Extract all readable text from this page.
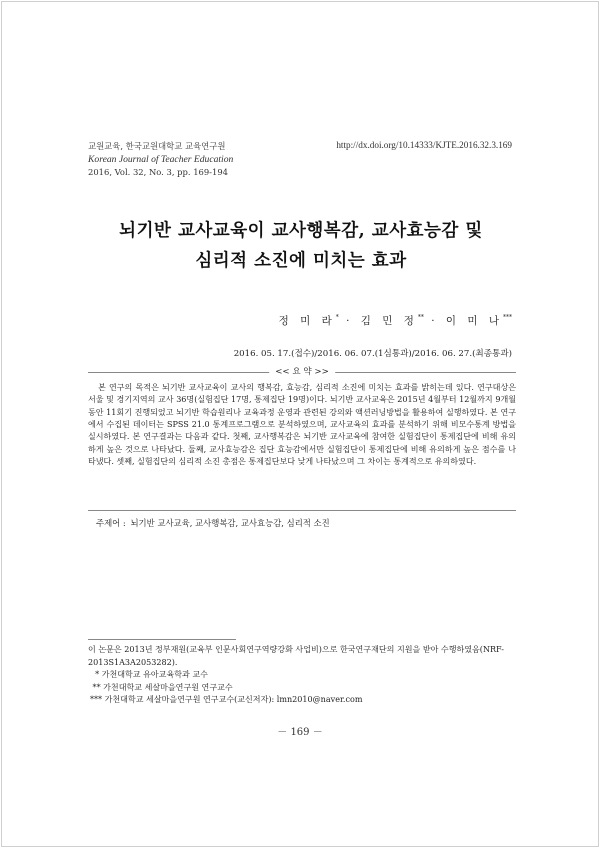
교원교육, 한국교원대학교 교육연구원
Korean Journal of Teacher Education
2016, Vol. 32, No. 3, pp. 169-194
http://dx.doi.org/10.14333/KJTE.2016.32.3.169
뇌기반 교사교육이 교사행복감, 교사효능감 및
심리적 소진에 미치는 효과
정 미 라* · 김 민 정** · 이 미 나***
2016. 05. 17.(접수)/2016. 06. 07.(1심통과)/2016. 06. 27.(최종통과)
<< 요 약 >>

본 연구의 목적은 뇌기반 교사교육이 교사의 행복감, 효능감, 심리적 소진에 미치는 효과를 밝히는데 있다. 연구대상은 서울 및 경기지역의 교사 36명(실험집단 17명, 통제집단 19명)이다. 뇌기반 교사교육은 2015년 4월부터 12월까지 9개월 동안 11회기 진행되었고 뇌기반 학습원리나 교육과정 운영과 관련된 강의와 액션러닝방법을 활용하여 실행하였다. 본 연구에서 수집된 데이터는 SPSS 21.0 통계프로그램으로 분석하였으며, 교사교육의 효과를 분석하기 위해 비모수통계 방법을 실시하였다. 본 연구결과는 다음과 같다. 첫째, 교사행복감은 뇌기반 교사교육에 참여한 실험집단이 통제집단에 비해 유의하게 높은 것으로 나타났다. 둘째, 교사효능감은 집단 효능감에서만 실험집단이 통제집단에 비해 유의하게 높은 점수를 나타냈다. 셋째, 실험집단의 심리적 소진 총점은 통제집단보다 낮게 나타났으며 그 차이는 통계적으로 유의하였다.

주제어 : 뇌기반 교사교육, 교사행복감, 교사효능감, 심리적 소진

이 논문은 2013년 정부재원(교육부 인문사회연구역량강화 사업비)으로 한국연구재단의 지원을 받아 수행하였음(NRF-2013S1A3A2053282).

* 가천대학교 유아교육학과 교수

** 가천대학교 세살마을연구원 연구교수

*** 가천대학교 세살마을연구원 연구교수(교신저자): lmn2010@naver.com

－ 169 －
